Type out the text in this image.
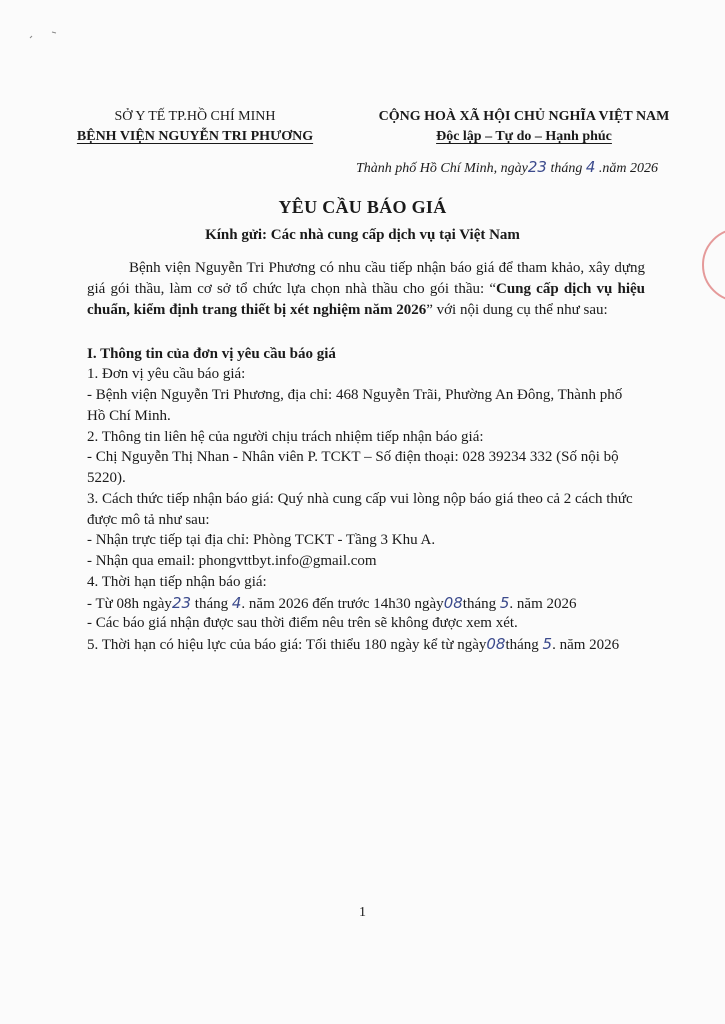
SỞ Y TẾ TP.HỒ CHÍ MINH
BỆNH VIỆN NGUYỄN TRI PHƯƠNG
CỘNG HOÀ XÃ HỘI CHỦ NGHĨA VIỆT NAM
Độc lập – Tự do – Hạnh phúc
Thành phố Hồ Chí Minh, ngày23 tháng 4 .năm 2026
YÊU CẦU BÁO GIÁ
Kính gửi: Các nhà cung cấp dịch vụ tại Việt Nam
Bệnh viện Nguyễn Tri Phương có nhu cầu tiếp nhận báo giá để tham khảo, xây dựng giá gói thầu, làm cơ sở tổ chức lựa chọn nhà thầu cho gói thầu: “Cung cấp dịch vụ hiệu chuẩn, kiểm định trang thiết bị xét nghiệm năm 2026” với nội dung cụ thể như sau:
I. Thông tin của đơn vị yêu cầu báo giá
1. Đơn vị yêu cầu báo giá:
- Bệnh viện Nguyễn Tri Phương, địa chỉ: 468 Nguyễn Trãi, Phường An Đông, Thành phố
Hồ Chí Minh.
2. Thông tin liên hệ của người chịu trách nhiệm tiếp nhận báo giá:
- Chị Nguyễn Thị Nhan - Nhân viên P. TCKT – Số điện thoại: 028 39234 332 (Số nội bộ
5220).
3. Cách thức tiếp nhận báo giá: Quý nhà cung cấp vui lòng nộp báo giá theo cả 2 cách thức
được mô tả như sau:
- Nhận trực tiếp tại địa chỉ: Phòng TCKT - Tầng 3 Khu A.
- Nhận qua email: phongvttbyt.info@gmail.com
4. Thời hạn tiếp nhận báo giá:
- Từ 08h ngày23 tháng 4. năm 2026 đến trước 14h30 ngày08tháng 5. năm 2026
- Các báo giá nhận được sau thời điểm nêu trên sẽ không được xem xét.
5. Thời hạn có hiệu lực của báo giá: Tối thiểu 180 ngày kể từ ngày08tháng 5. năm 2026
1
